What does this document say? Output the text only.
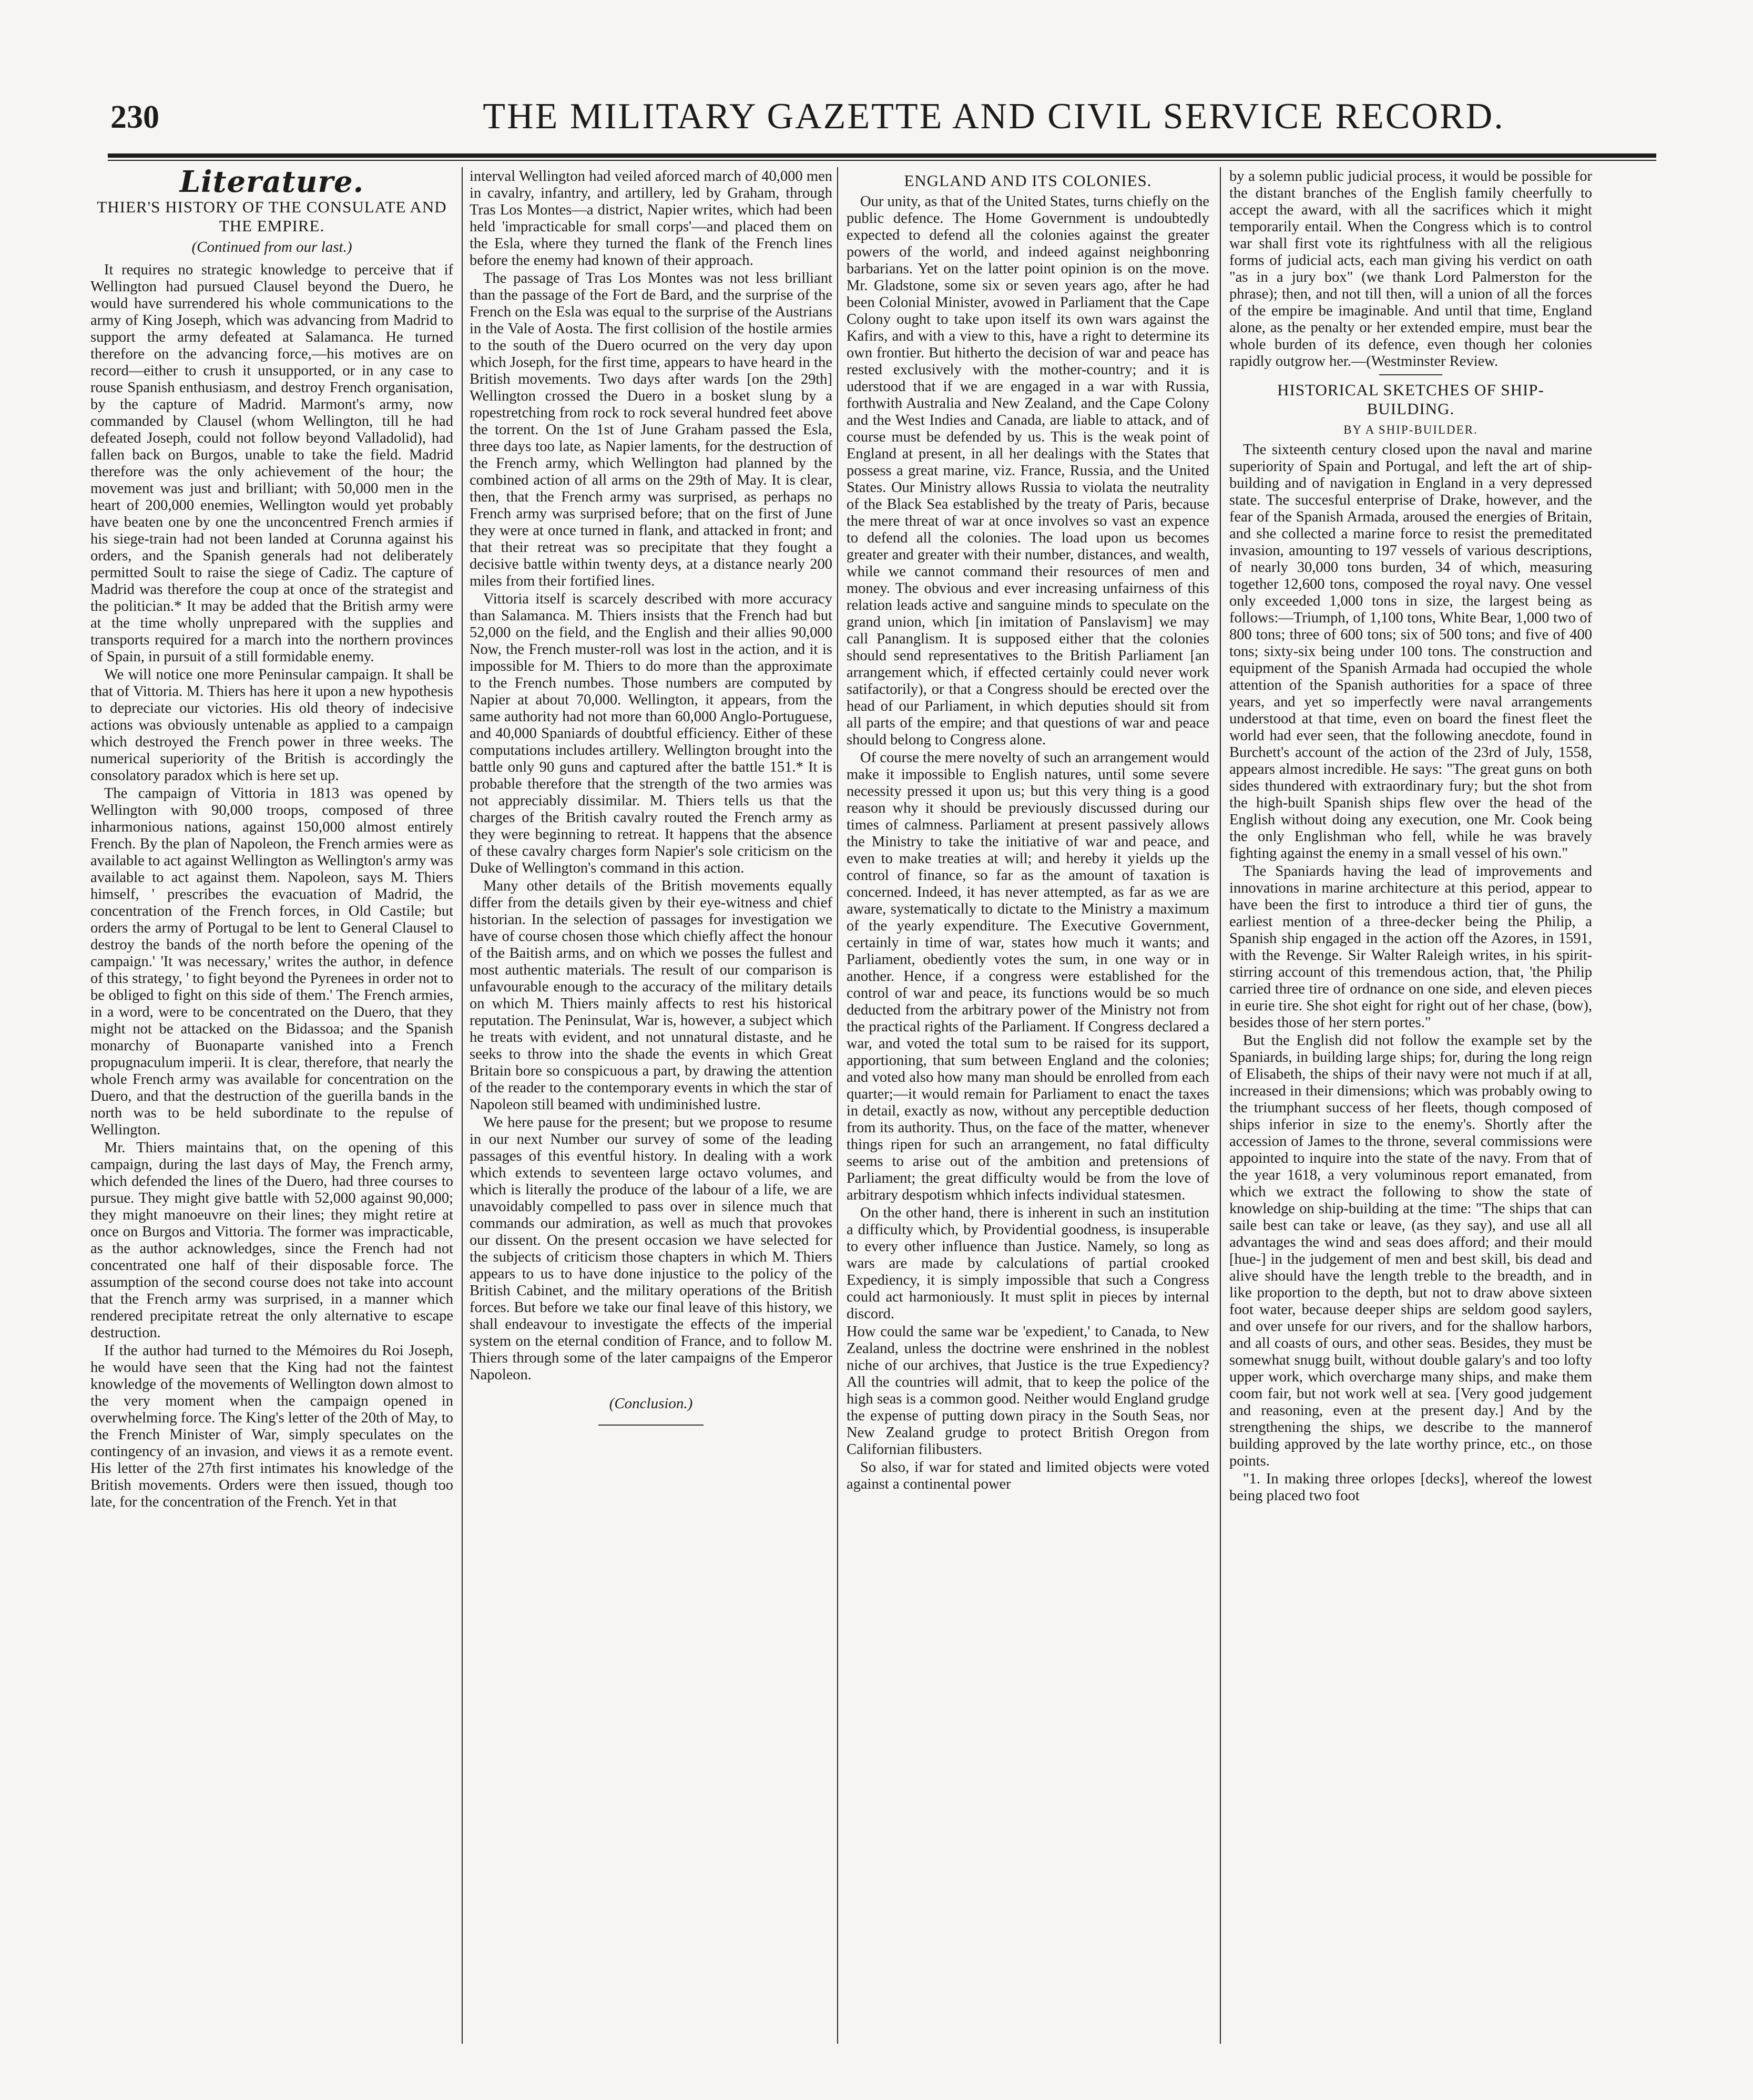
230	THE MILITARY GAZETTE AND CIVIL SERVICE RECORD.
Literature.
THIER'S HISTORY OF THE CONSULATE AND THE EMPIRE.
(Continued from our last.)

It requires no strategic knowledge to perceive that if Wellington had pursued Clausel beyond the Duero, he would have surrendered his whole communications to the army of King Joseph, which was advancing from Madrid to support the army defeated at Salamanca. He turned therefore on the advancing force,—his motives are on record—either to crush it unsupported, or in any case to rouse Spanish enthusiasm, and destroy French organisation, by the capture of Madrid. Marmont's army, now commanded by Clausel (whom Wellington, till he had defeated Joseph, could not follow beyond Valladolid), had fallen back on Burgos, unable to take the field. Madrid therefore was the only achievement of the hour; the movement was just and brilliant; with 50,000 men in the heart of 200,000 enemies, Wellington would yet probably have beaten one by one the unconcentred French armies if his siege-train had not been landed at Corunna against his orders, and the Spanish generals had not deliberately permitted Soult to raise the siege of Cadiz. The capture of Madrid was therefore the coup at once of the strategist and the politician.* It may be added that the British army were at the time wholly unprepared with the supplies and transports required for a march into the northern provinces of Spain, in pursuit of a still formidable enemy.

We will notice one more Peninsular campaign. It shall be that of Vittoria. M. Thiers has here it upon a new hypothesis to depreciate our victories. His old theory of indecisive actions was obviously untenable as applied to a campaign which destroyed the French power in three weeks. The numerical superiority of the British is accordingly the consolatory paradox which is here set up.

The campaign of Vittoria in 1813 was opened by Wellington with 90,000 troops, composed of three inharmonious nations, against 150,000 almost entirely French. By the plan of Napoleon, the French armies were as available to act against Wellington as Wellington's army was available to act against them. Napoleon, says M. Thiers himself, ' prescribes the evacuation of Madrid, the concentration of the French forces, in Old Castile; but orders the army of Portugal to be lent to General Clausel to destroy the bands of the north before the opening of the campaign.' 'It was necessary,' writes the author, in defence of this strategy, ' to fight beyond the Pyrenees in order not to be obliged to fight on this side of them.' The French armies, in a word, were to be concentrated on the Duero, that they might not be attacked on the Bidassoa; and the Spanish monarchy of Buonaparte vanished into a French propugnaculum imperii. It is clear, therefore, that nearly the whole French army was available for concentration on the Duero, and that the destruction of the guerilla bands in the north was to be held subordinate to the repulse of Wellington.

Mr. Thiers maintains that, on the opening of this campaign, during the last days of May, the French army, which defended the lines of the Duero, had three courses to pursue. They might give battle with 52,000 against 90,000; they might manoeuvre on their lines; they might retire at once on Burgos and Vittoria. The former was impracticable, as the author acknowledges, since the French had not concentrated one half of their disposable force. The assumption of the second course does not take into account that the French army was surprised, in a manner which rendered precipitate retreat the only alternative to escape destruction.

If the author had turned to the Mémoires du Roi Joseph, he would have seen that the King had not the faintest knowledge of the movements of Wellington down almost to the very moment when the campaign opened in overwhelming force. The King's letter of the 20th of May, to the French Minister of War, simply speculates on the contingency of an invasion, and views it as a remote event. His letter of the 27th first intimates his knowledge of the British movements. Orders were then issued, though too late, for the concentration of the French. Yet in that

interval Wellington had veiled aforced march of 40,000 men in cavalry, infantry, and artillery, led by Graham, through Tras Los Montes—a district, Napier writes, which had been held 'impracticable for small corps'—and placed them on the Esla, where they turned the flank of the French lines before the enemy had known of their approach.

The passage of Tras Los Montes was not less brilliant than the passage of the Fort de Bard, and the surprise of the French on the Esla was equal to the surprise of the Austrians in the Vale of Aosta. The first collision of the hostile armies to the south of the Duero ocurred on the very day upon which Joseph, for the first time, appears to have heard in the British movements. Two days after wards [on the 29th] Wellington crossed the Duero in a bosket slung by a ropestretching from rock to rock several hundred feet above the torrent. On the 1st of June Graham passed the Esla, three days too late, as Napier laments, for the destruction of the French army, which Wellington had planned by the combined action of all arms on the 29th of May. It is clear, then, that the French army was surprised, as perhaps no French army was surprised before; that on the first of June they were at once turned in flank, and attacked in front; and that their retreat was so precipitate that they fought a decisive battle within twenty deys, at a distance nearly 200 miles from their fortified lines.

Vittoria itself is scarcely described with more accuracy than Salamanca. M. Thiers insists that the French had but 52,000 on the field, and the English and their allies 90,000 Now, the French muster-roll was lost in the action, and it is impossible for M. Thiers to do more than the approximate to the French numbes. Those numbers are computed by Napier at about 70,000. Wellington, it appears, from the same authority had not more than 60,000 Anglo-Portuguese, and 40,000 Spaniards of doubtful efficiency. Either of these computations includes artillery. Wellington brought into the battle only 90 guns and captured after the battle 151.* It is probable therefore that the strength of the two armies was not appreciably dissimilar. M. Thiers tells us that the charges of the British cavalry routed the French army as they were beginning to retreat. It happens that the absence of these cavalry charges form Napier's sole criticism on the Duke of Wellington's command in this action.

Many other details of the British movements equally differ from the details given by their eye-witness and chief historian. In the selection of passages for investigation we have of course chosen those which chiefly affect the honour of the Baitish arms, and on which we posses the fullest and most authentic materials. The result of our comparison is unfavourable enough to the accuracy of the military details on which M. Thiers mainly affects to rest his historical reputation. The Peninsulat, War is, however, a subject which he treats with evident, and not unnatural distaste, and he seeks to throw into the shade the events in which Great Britain bore so conspicuous a part, by drawing the attention of the reader to the contemporary events in which the star of Napoleon still beamed with undiminished lustre.

We here pause for the present; but we propose to resume in our next Number our survey of some of the leading passages of this eventful history. In dealing with a work which extends to seventeen large octavo volumes, and which is literally the produce of the labour of a life, we are unavoidably compelled to pass over in silence much that commands our admiration, as well as much that provokes our dissent. On the present occasion we have selected for the subjects of criticism those chapters in which M. Thiers appears to us to have done injustice to the policy of the British Cabinet, and the military operations of the British forces. But before we take our final leave of this history, we shall endeavour to investigate the effects of the imperial system on the eternal condition of France, and to follow M. Thiers through some of the later campaigns of the Emperor Napoleon.

(Conclusion.)
ENGLAND AND ITS COLONIES.

Our unity, as that of the United States, turns chiefly on the public defence. The Home Government is undoubtedly expected to defend all the colonies against the greater powers of the world, and indeed against neighbonring barbarians. Yet on the latter point opinion is on the move. Mr. Gladstone, some six or seven years ago, after he had been Colonial Minister, avowed in Parliament that the Cape Colony ought to take upon itself its own wars against the Kafirs, and with a view to this, have a right to determine its own frontier. But hitherto the decision of war and peace has rested exclusively with the mother-country; and it is uderstood that if we are engaged in a war with Russia, forthwith Australia and New Zealand, and the Cape Colony and the West Indies and Canada, are liable to attack, and of course must be defended by us. This is the weak point of England at present, in all her dealings with the States that possess a great marine, viz. France, Russia, and the United States. Our Ministry allows Russia to violata the neutrality of the Black Sea established by the treaty of Paris, because the mere threat of war at once involves so vast an expence to defend all the colonies. The load upon us becomes greater and greater with their number, distances, and wealth, while we cannot command their resources of men and money. The obvious and ever increasing unfairness of this relation leads active and sanguine minds to speculate on the grand union, which [in imitation of Panslavism] we may call Pananglism. It is supposed either that the colonies should send representatives to the British Parliament [an arrangement which, if effected certainly could never work satifactorily), or that a Congress should be erected over the head of our Parliament, in which deputies should sit from all parts of the empire; and that questions of war and peace should belong to Congress alone.

Of course the mere novelty of such an arrangement would make it impossible to English natures, until some severe necessity pressed it upon us; but this very thing is a good reason why it should be previously discussed during our times of calmness. Parliament at present passively allows the Ministry to take the initiative of war and peace, and even to make treaties at will; and hereby it yields up the control of finance, so far as the amount of taxation is concerned. Indeed, it has never attempted, as far as we are aware, systematically to dictate to the Ministry a maximum of the yearly expenditure. The Executive Government, certainly in time of war, states how much it wants; and Parliament, obediently votes the sum, in one way or in another. Hence, if a congress were established for the control of war and peace, its functions would be so much deducted from the arbitrary power of the Ministry not from the practical rights of the Parliament. If Congress declared a war, and voted the total sum to be raised for its support, apportioning, that sum between England and the colonies; and voted also how many man should be enrolled from each quarter;—it would remain for Parliament to enact the taxes in detail, exactly as now, without any perceptible deduction from its authority. Thus, on the face of the matter, whenever things ripen for such an arrangement, no fatal difficulty seems to arise out of the ambition and pretensions of Parliament; the great difficulty would be from the love of arbitrary despotism whhich infects individual statesmen.

On the other hand, there is inherent in such an institution a difficulty which, by Providential goodness, is insuperable to every other influence than Justice. Namely, so long as wars are made by calculations of partial crooked Expediency, it is simply impossible that such a Congress could act harmoniously. It must split in pieces by internal discord.

How could the same war be 'expedient,' to Canada, to New Zealand, unless the doctrine were enshrined in the noblest niche of our archives, that Justice is the true Expediency? All the countries will admit, that to keep the police of the high seas is a common good. Neither would England grudge the expense of putting down piracy in the South Seas, nor New Zealand grudge to protect British Oregon from Californian filibusters.

So also, if war for stated and limited objects were voted against a continental power

by a solemn public judicial process, it would be possible for the distant branches of the English family cheerfully to accept the award, with all the sacrifices which it might temporarily entail. When the Congress which is to control war shall first vote its rightfulness with all the religious forms of judicial acts, each man giving his verdict on oath "as in a jury box" (we thank Lord Palmerston for the phrase); then, and not till then, will a union of all the forces of the empire be imaginable. And until that time, England alone, as the penalty or her extended empire, must bear the whole burden of its defence, even though her colonies rapidly outgrow her.—(Westminster Review.

HISTORICAL SKETCHES OF SHIP-BUILDING.
BY A SHIP-BUILDER.

The sixteenth century closed upon the naval and marine superiority of Spain and Portugal, and left the art of ship-building and of navigation in England in a very depressed state. The succesful enterprise of Drake, however, and the fear of the Spanish Armada, aroused the energies of Britain, and she collected a marine force to resist the premeditated invasion, amounting to 197 vessels of various descriptions, of nearly 30,000 tons burden, 34 of which, measuring together 12,600 tons, composed the royal navy. One vessel only exceeded 1,000 tons in size, the largest being as follows:—Triumph, of 1,100 tons, White Bear, 1,000 two of 800 tons; three of 600 tons; six of 500 tons; and five of 400 tons; sixty-six being under 100 tons. The construction and equipment of the Spanish Armada had occupied the whole attention of the Spanish authorities for a space of three years, and yet so imperfectly were naval arrangements understood at that time, even on board the finest fleet the world had ever seen, that the following anecdote, found in Burchett's account of the action of the 23rd of July, 1558, appears almost incredible. He says: "The great guns on both sides thundered with extraordinary fury; but the shot from the high-built Spanish ships flew over the head of the English without doing any execution, one Mr. Cook being the only Englishman who fell, while he was bravely fighting against the enemy in a small vessel of his own."

The Spaniards having the lead of improvements and innovations in marine architecture at this period, appear to have been the first to introduce a third tier of guns, the earliest mention of a three-decker being the Philip, a Spanish ship engaged in the action off the Azores, in 1591, with the Revenge. Sir Walter Raleigh writes, in his spirit-stirring account of this tremendous action, that, 'the Philip carried three tire of ordnance on one side, and eleven pieces in eurie tire. She shot eight for right out of her chase, (bow), besides those of her stern portes."

But the English did not follow the example set by the Spaniards, in building large ships; for, during the long reign of Elisabeth, the ships of their navy were not much if at all, increased in their dimensions; which was probably owing to the triumphant success of her fleets, though composed of ships inferior in size to the enemy's. Shortly after the accession of James to the throne, several commissions were appointed to inquire into the state of the navy. From that of the year 1618, a very voluminous report emanated, from which we extract the following to show the state of knowledge on ship-building at the time: "The ships that can saile best can take or leave, (as they say), and use all all advantages the wind and seas does afford; and their mould [hue-] in the judgement of men and best skill, bis dead and alive should have the length treble to the breadth, and in like proportion to the depth, but not to draw above sixteen foot water, because deeper ships are seldom good saylers, and over unsefe for our rivers, and for the shallow harbors, and all coasts of ours, and other seas. Besides, they must be somewhat snugg built, without double galary's and too lofty upper work, which overcharge many ships, and make them coom fair, but not work well at sea. [Very good judgement and reasoning, even at the present day.] And by the strengthening the ships, we describe to the mannerof building approved by the late worthy prince, etc., on those points.

"1. In making three orlopes [decks], whereof the lowest being placed two foot
